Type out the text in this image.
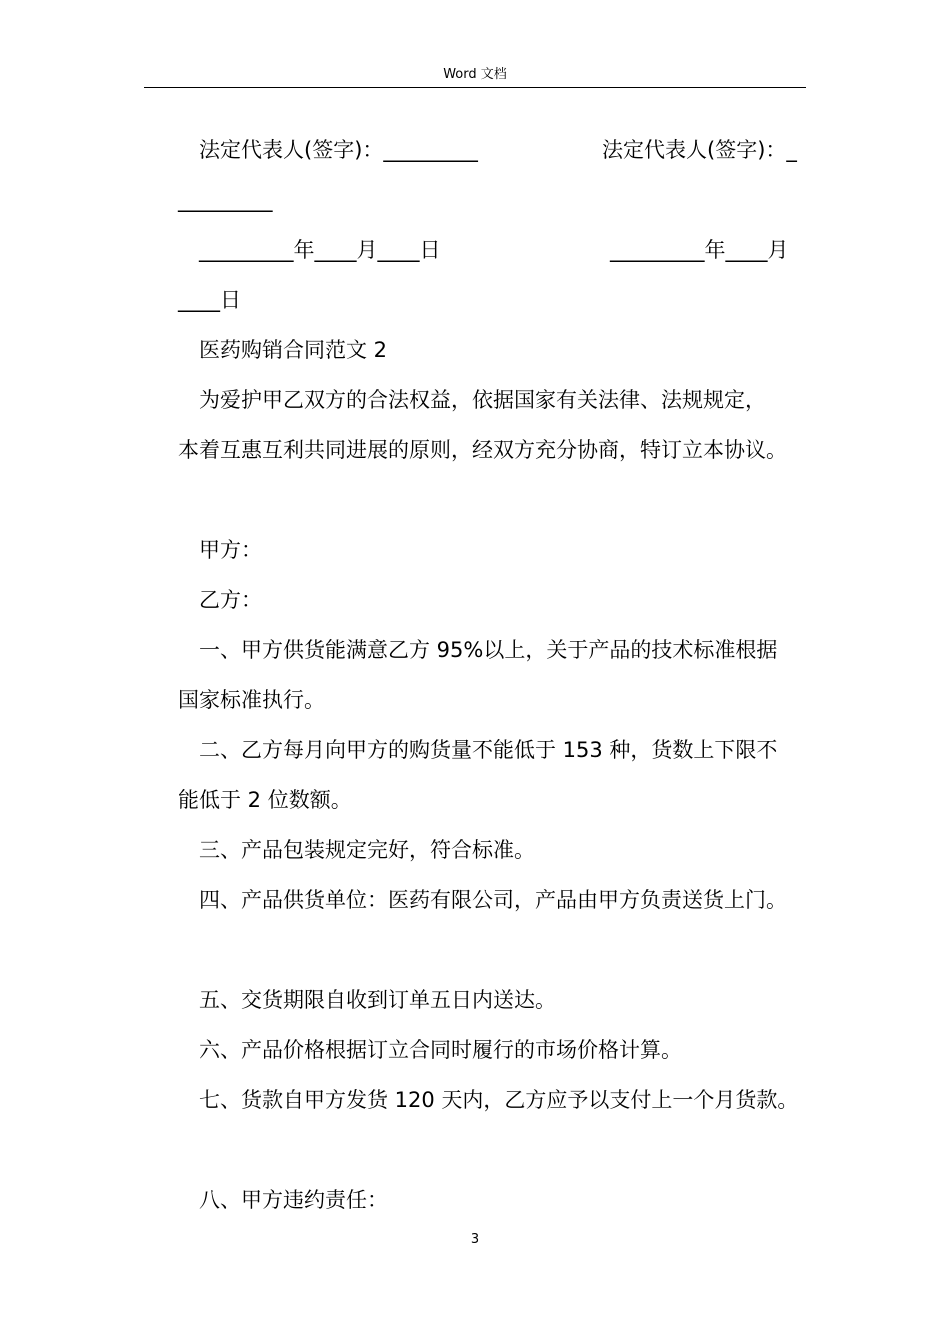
Word 文档
法定代表人(签字)：_________	法定代表人(签字)：_
_________
_________年____月____日	_________年____月
____日
医药购销合同范文 2
为爱护甲乙双方的合法权益，依据国家有关法律、法规规定，
本着互惠互利共同进展的原则，经双方充分协商，特订立本协议。
甲方：
乙方：
一、甲方供货能满意乙方 95%以上，关于产品的技术标准根据
国家标准执行。
二、乙方每月向甲方的购货量不能低于 153 种，货数上下限不
能低于 2 位数额。
三、产品包装规定完好，符合标准。
四、产品供货单位：医药有限公司，产品由甲方负责送货上门。
五、交货期限自收到订单五日内送达。
六、产品价格根据订立合同时履行的市场价格计算。
七、货款自甲方发货 120 天内，乙方应予以支付上一个月货款。
八、甲方违约责任：
3
